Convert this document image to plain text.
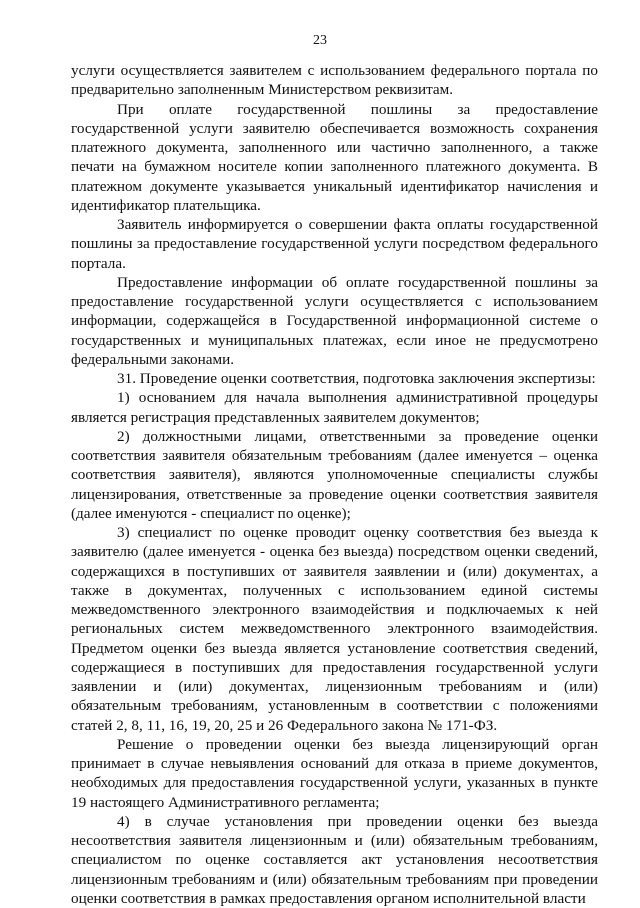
23

услуги осуществляется заявителем с использованием федерального портала по предварительно заполненным Министерством реквизитам.

При оплате государственной пошлины за предоставление государственной услуги заявителю обеспечивается возможность сохранения платежного документа, заполненного или частично заполненного, а также печати на бумажном носителе копии заполненного платежного документа. В платежном документе указывается уникальный идентификатор начисления и идентификатор плательщика.

Заявитель информируется о совершении факта оплаты государственной пошлины за предоставление государственной услуги посредством федерального портала.

Предоставление информации об оплате государственной пошлины за предоставление государственной услуги осуществляется с использованием информации, содержащейся в Государственной информационной системе о государственных и муниципальных платежах, если иное не предусмотрено федеральными законами.

31. Проведение оценки соответствия, подготовка заключения экспертизы:

1) основанием для начала выполнения административной процедуры является регистрация представленных заявителем документов;

2) должностными лицами, ответственными за проведение оценки соответствия заявителя обязательным требованиям (далее именуется – оценка соответствия заявителя), являются уполномоченные специалисты службы лицензирования, ответственные за проведение оценки соответствия заявителя (далее именуются - специалист по оценке);

3) специалист по оценке проводит оценку соответствия без выезда к заявителю (далее именуется - оценка без выезда) посредством оценки сведений, содержащихся в поступивших от заявителя заявлении и (или) документах, а также в документах, полученных с использованием единой системы межведомственного электронного взаимодействия и подключаемых к ней региональных систем межведомственного электронного взаимодействия. Предметом оценки без выезда является установление соответствия сведений, содержащиеся в поступивших для предоставления государственной услуги заявлении и (или) документах, лицензионным требованиям и (или) обязательным требованиям, установленным в соответствии с положениями статей 2, 8, 11, 16, 19, 20, 25 и 26 Федерального закона № 171-ФЗ.

Решение о проведении оценки без выезда лицензирующий орган принимает в случае невыявления оснований для отказа в приеме документов, необходимых для предоставления государственной услуги, указанных в пункте 19 настоящего Административного регламента;

4) в случае установления при проведении оценки без выезда несоответствия заявителя лицензионным и (или) обязательным требованиям, специалистом по оценке составляется акт установления несоответствия лицензионным требованиям и (или) обязательным требованиям при проведении оценки соответствия в рамках предоставления органом исполнительной власти
